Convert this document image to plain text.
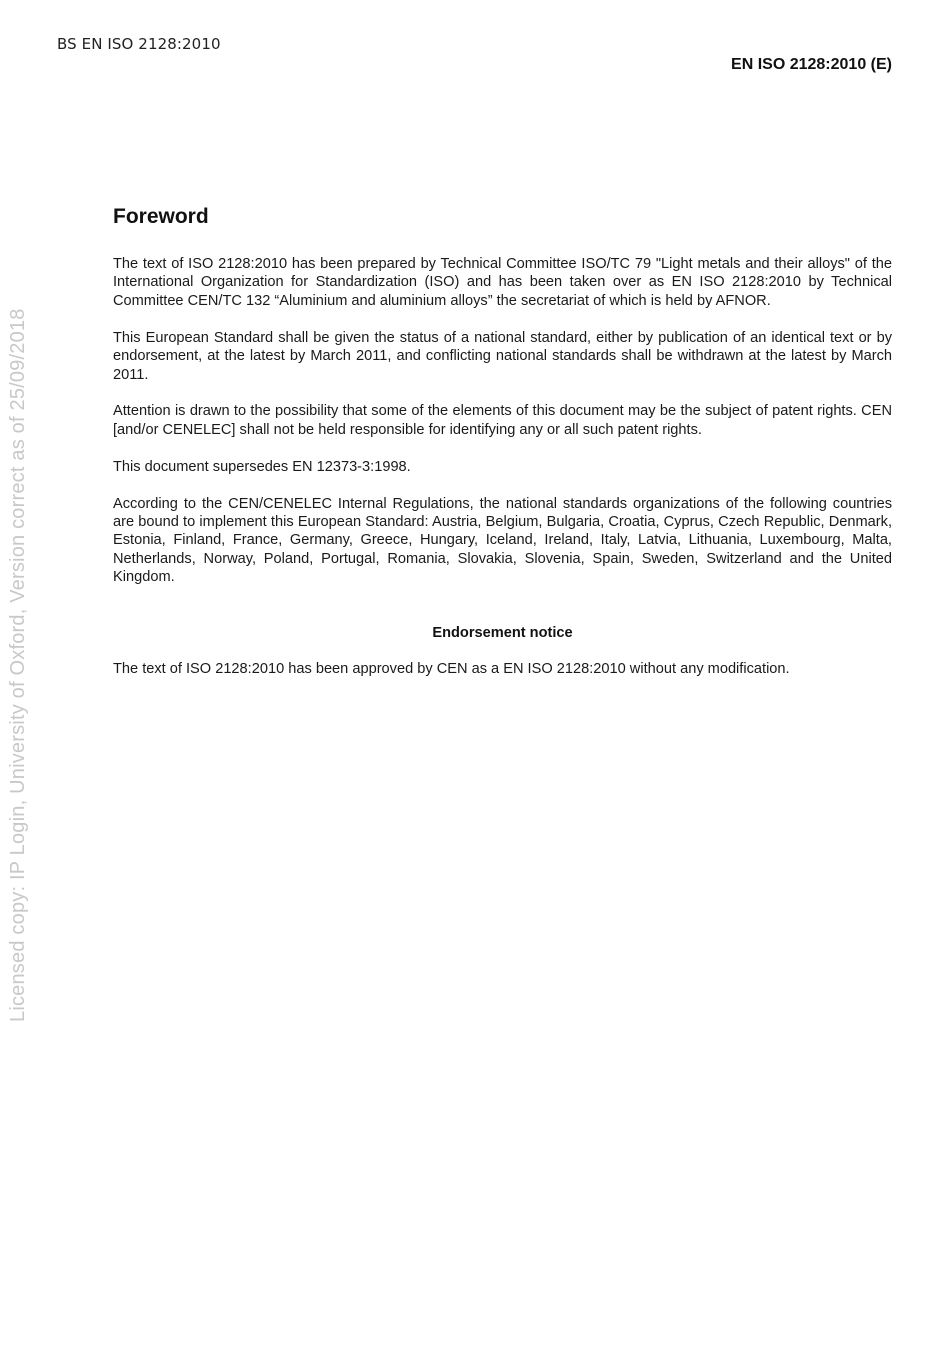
BS EN ISO 2128:2010
EN ISO 2128:2010 (E)
Licensed copy: IP Login, University of Oxford, Version correct as of 25/09/2018
Foreword

The text of ISO 2128:2010 has been prepared by Technical Committee ISO/TC 79 "Light metals and their alloys" of the International Organization for Standardization (ISO) and has been taken over as EN ISO 2128:2010 by Technical Committee CEN/TC 132 “Aluminium and aluminium alloys” the secretariat of which is held by AFNOR.

This European Standard shall be given the status of a national standard, either by publication of an identical text or by endorsement, at the latest by March 2011, and conflicting national standards shall be withdrawn at the latest by March 2011.

Attention is drawn to the possibility that some of the elements of this document may be the subject of patent rights. CEN [and/or CENELEC] shall not be held responsible for identifying any or all such patent rights.

This document supersedes EN 12373-3:1998.

According to the CEN/CENELEC Internal Regulations, the national standards organizations of the following countries are bound to implement this European Standard: Austria, Belgium, Bulgaria, Croatia, Cyprus, Czech Republic, Denmark, Estonia, Finland, France, Germany, Greece, Hungary, Iceland, Ireland, Italy, Latvia, Lithuania, Luxembourg, Malta, Netherlands, Norway, Poland, Portugal, Romania, Slovakia, Slovenia, Spain, Sweden, Switzerland and the United Kingdom.

Endorsement notice

The text of ISO 2128:2010 has been approved by CEN as a EN ISO 2128:2010 without any modification.
